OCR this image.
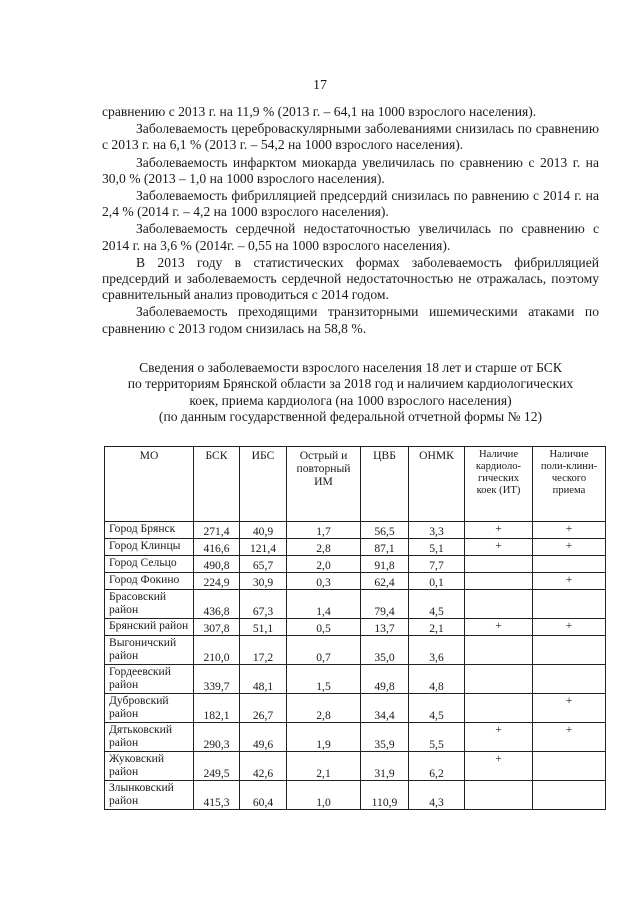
17

сравнению с 2013 г. на 11,9 % (2013 г. – 64,1 на 1000 взрослого населения).

Заболеваемость цереброваскулярными заболеваниями снизилась по сравнению с 2013 г. на 6,1 % (2013 г. – 54,2 на 1000 взрослого населения).

Заболеваемость инфарктом миокарда увеличилась по сравнению с 2013 г. на 30,0 % (2013 – 1,0 на 1000 взрослого населения).

Заболеваемость фибрилляцией предсердий снизилась по равнению с 2014 г. на 2,4 % (2014 г. – 4,2 на 1000 взрослого населения).

Заболеваемость сердечной недостаточностью увеличилась по сравнению с 2014 г. на 3,6 % (2014г. – 0,55 на 1000 взрослого населения).

В 2013 году в статистических формах заболеваемость фибрилляцией предсердий и заболеваемость сердечной недостаточностью не отражалась, поэтому сравнительный анализ проводиться с 2014 годом.

Заболеваемость преходящими транзиторными ишемическими атаками по сравнению с 2013 годом снизилась на 58,8 %.

Сведения о заболеваемости взрослого населения 18 лет и старше от БСК
по территориям Брянской области за 2018 год и наличием кардиологических
коек, приема кардиолога (на 1000 взрослого населения)
(по данным государственной федеральной отчетной формы № 12)
МО	БСК	ИБС	Острый и повторный ИМ	ЦВБ	ОНМК	Наличие кардиоло-гических коек (ИТ)	Наличие поли-клини-ческого приема
Город Брянск	271,4	40,9	1,7	56,5	3,3	+	+
Город Клинцы	416,6	121,4	2,8	87,1	5,1	+	+
Город Сельцо	490,8	65,7	2,0	91,8	7,7		
Город Фокино	224,9	30,9	0,3	62,4	0,1		+
Брасовский район	436,8	67,3	1,4	79,4	4,5		
Брянский район	307,8	51,1	0,5	13,7	2,1	+	+
Выгоничский район	210,0	17,2	0,7	35,0	3,6		
Гордеевский район	339,7	48,1	1,5	49,8	4,8		
Дубровский район	182,1	26,7	2,8	34,4	4,5		+
Дятьковский район	290,3	49,6	1,9	35,9	5,5	+	+
Жуковский район	249,5	42,6	2,1	31,9	6,2	+	
Злынковский район	415,3	60,4	1,0	110,9	4,3		
